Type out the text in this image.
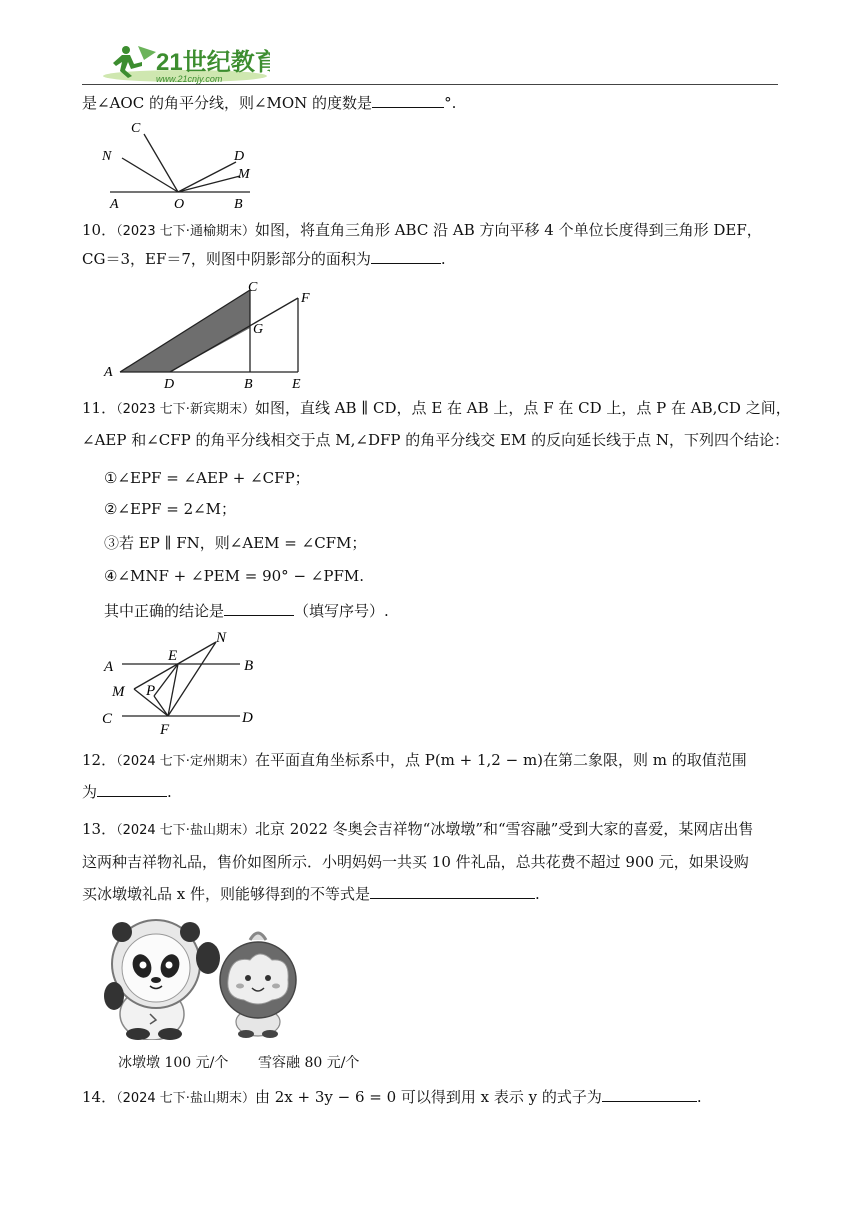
21世纪教育
www.21cnjy.com
是∠AOC 的角平分线，则∠MON 的度数是	°.
C
N	D
M
A	O	B
10．（2023 七下·通榆期末）如图，将直角三角形 ABC 沿 AB 方向平移 4 个单位长度得到三角形 DEF，
CG＝3，EF＝7，则图中阴影部分的面积为	.
C
F
G
A
D	B	E
11．（2023 七下·新宾期末）如图，直线 AB ∥ CD，点 E 在 AB 上，点 F 在 CD 上，点 P 在 AB,CD 之间，
∠AEP 和∠CFP 的角平分线相交于点 M,∠DFP 的角平分线交 EM 的反向延长线于点 N，下列四个结论：
①∠EPF = ∠AEP + ∠CFP；
②∠EPF = 2∠M；
③若 EP ∥ FN，则∠AEM = ∠CFM；
④∠MNF + ∠PEM = 90° − ∠PFM.
其中正确的结论是	（填写序号）.
N
A
E
B
M P
C
F
D
12．（2024 七下·定州期末）在平面直角坐标系中，点 P(m + 1,2 − m)在第二象限，则 m 的取值范围
为	.
13．（2024 七下·盐山期末）北京 2022 冬奥会吉祥物“冰墩墩”和“雪容融”受到大家的喜爱，某网店出售
这两种吉祥物礼品，售价如图所示．小明妈妈一共买 10 件礼品，总共花费不超过 900 元，如果设购
买冰墩墩礼品 x 件，则能够得到的不等式是	.
冰墩墩 100 元/个 雪容融 80 元/个
14．（2024 七下·盐山期末）由 2x + 3y − 6 = 0 可以得到用 x 表示 y 的式子为	.
